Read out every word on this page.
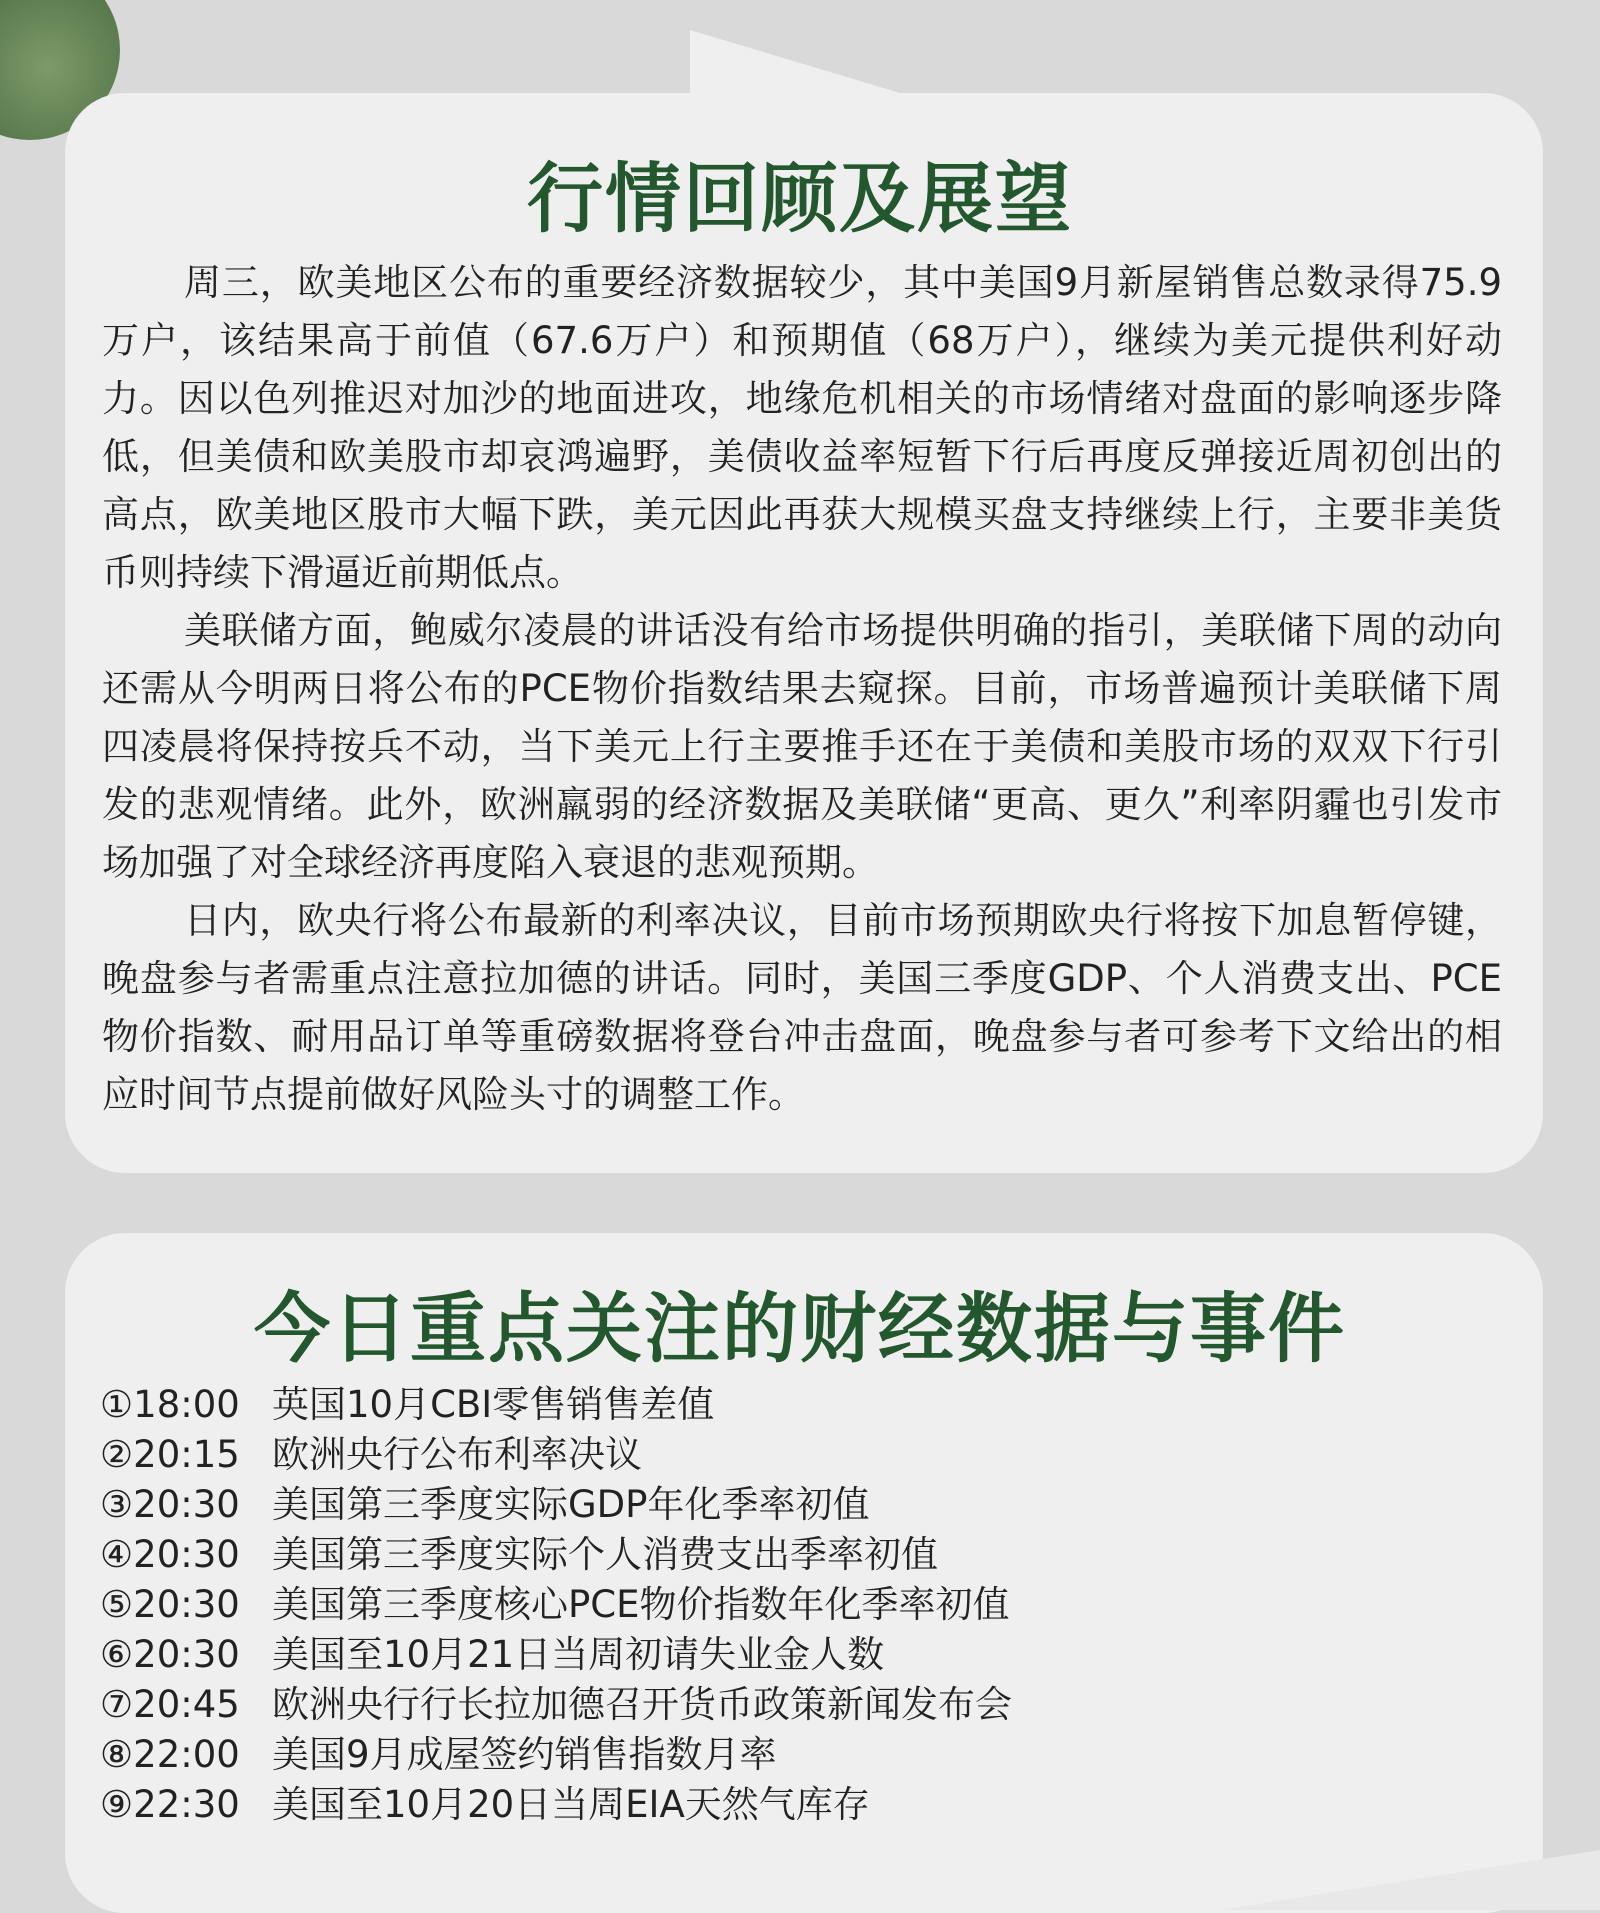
行情回顾及展望

周三，欧美地区公布的重要经济数据较少，其中美国9月新屋销售总数录得75.9万户，该结果高于前值（67.6万户）和预期值（68万户），继续为美元提供利好动力。因以色列推迟对加沙的地面进攻，地缘危机相关的市场情绪对盘面的影响逐步降低，但美债和欧美股市却哀鸿遍野，美债收益率短暂下行后再度反弹接近周初创出的高点，欧美地区股市大幅下跌，美元因此再获大规模买盘支持继续上行，主要非美货币则持续下滑逼近前期低点。

美联储方面，鲍威尔凌晨的讲话没有给市场提供明确的指引，美联储下周的动向还需从今明两日将公布的PCE物价指数结果去窥探。目前，市场普遍预计美联储下周四凌晨将保持按兵不动，当下美元上行主要推手还在于美债和美股市场的双双下行引发的悲观情绪。此外，欧洲羸弱的经济数据及美联储“更高、更久”利率阴霾也引发市场加强了对全球经济再度陷入衰退的悲观预期。

日内，欧央行将公布最新的利率决议，目前市场预期欧央行将按下加息暂停键，晚盘参与者需重点注意拉加德的讲话。同时，美国三季度GDP、个人消费支出、PCE物价指数、耐用品订单等重磅数据将登台冲击盘面，晚盘参与者可参考下文给出的相应时间节点提前做好风险头寸的调整工作。

今日重点关注的财经数据与事件
①18:00 英国10月CBI零售销售差值
②20:15 欧洲央行公布利率决议
③20:30 美国第三季度实际GDP年化季率初值
④20:30 美国第三季度实际个人消费支出季率初值
⑤20:30 美国第三季度核心PCE物价指数年化季率初值
⑥20:30 美国至10月21日当周初请失业金人数
⑦20:45 欧洲央行行长拉加德召开货币政策新闻发布会
⑧22:00 美国9月成屋签约销售指数月率
⑨22:30 美国至10月20日当周EIA天然气库存
